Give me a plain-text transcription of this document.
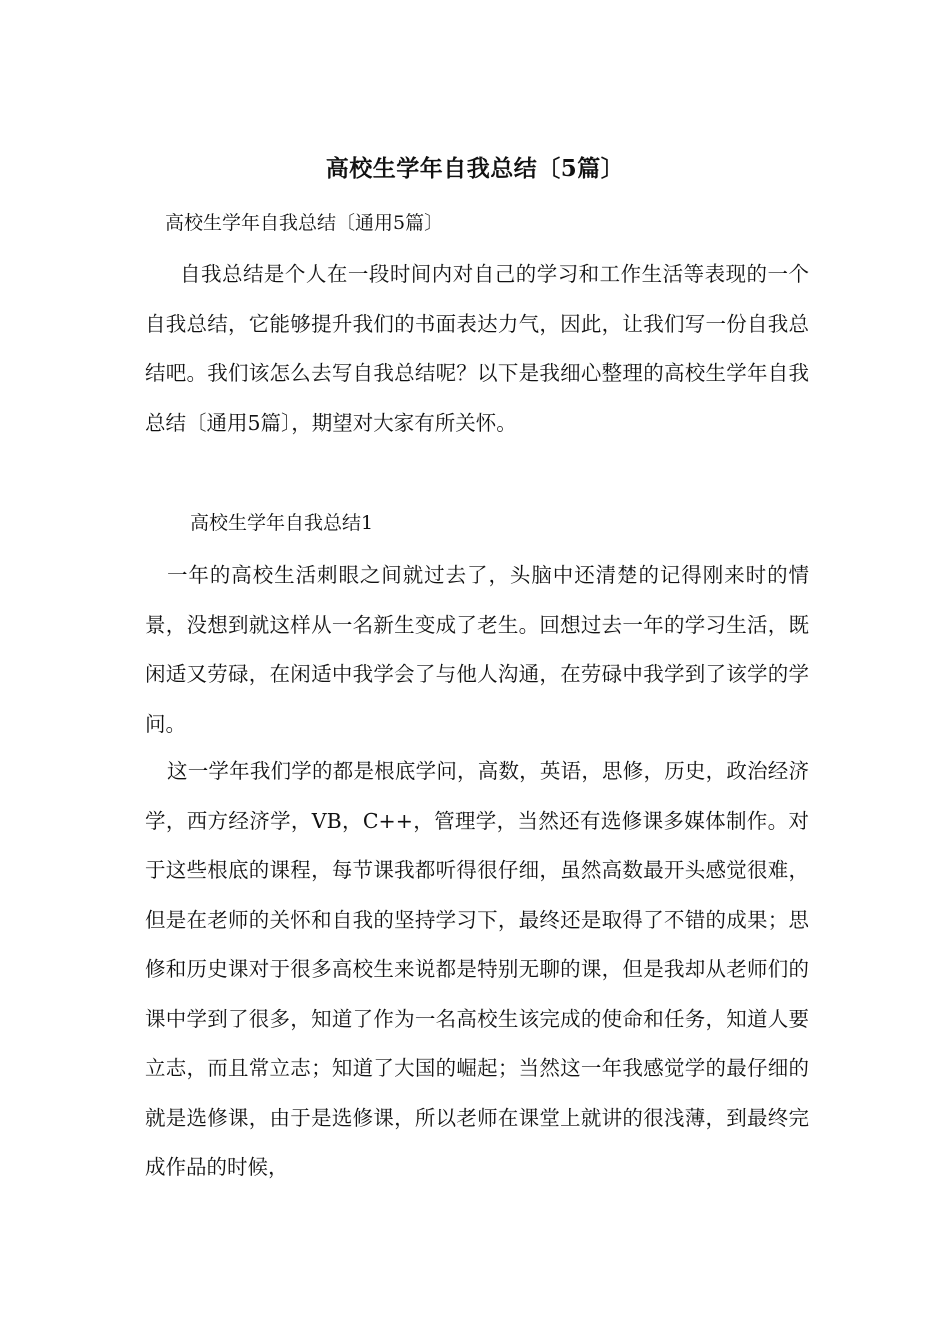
高校生学年自我总结〔5篇〕
高校生学年自我总结〔通用5篇〕

自我总结是个人在一段时间内对自己的学习和工作生活等表现的一个自我总结，它能够提升我们的书面表达力气，因此，让我们写一份自我总结吧。我们该怎么去写自我总结呢？以下是我细心整理的高校生学年自我总结〔通用5篇〕，期望对大家有所关怀。

高校生学年自我总结1

一年的高校生活刺眼之间就过去了，头脑中还清楚的记得刚来时的情景，没想到就这样从一名新生变成了老生。回想过去一年的学习生活，既闲适又劳碌，在闲适中我学会了与他人沟通，在劳碌中我学到了该学的学问。

这一学年我们学的都是根底学问，高数，英语，思修，历史，政治经济学，西方经济学，VB，C++，管理学，当然还有选修课多媒体制作。对于这些根底的课程，每节课我都听得很仔细，虽然高数最开头感觉很难，但是在老师的关怀和自我的坚持学习下，最终还是取得了不错的成果；思修和历史课对于很多高校生来说都是特别无聊的课，但是我却从老师们的课中学到了很多，知道了作为一名高校生该完成的使命和任务，知道人要立志，而且常立志；知道了大国的崛起；当然这一年我感觉学的最仔细的就是选修课，由于是选修课，所以老师在课堂上就讲的很浅薄，到最终完成作品的时候，
